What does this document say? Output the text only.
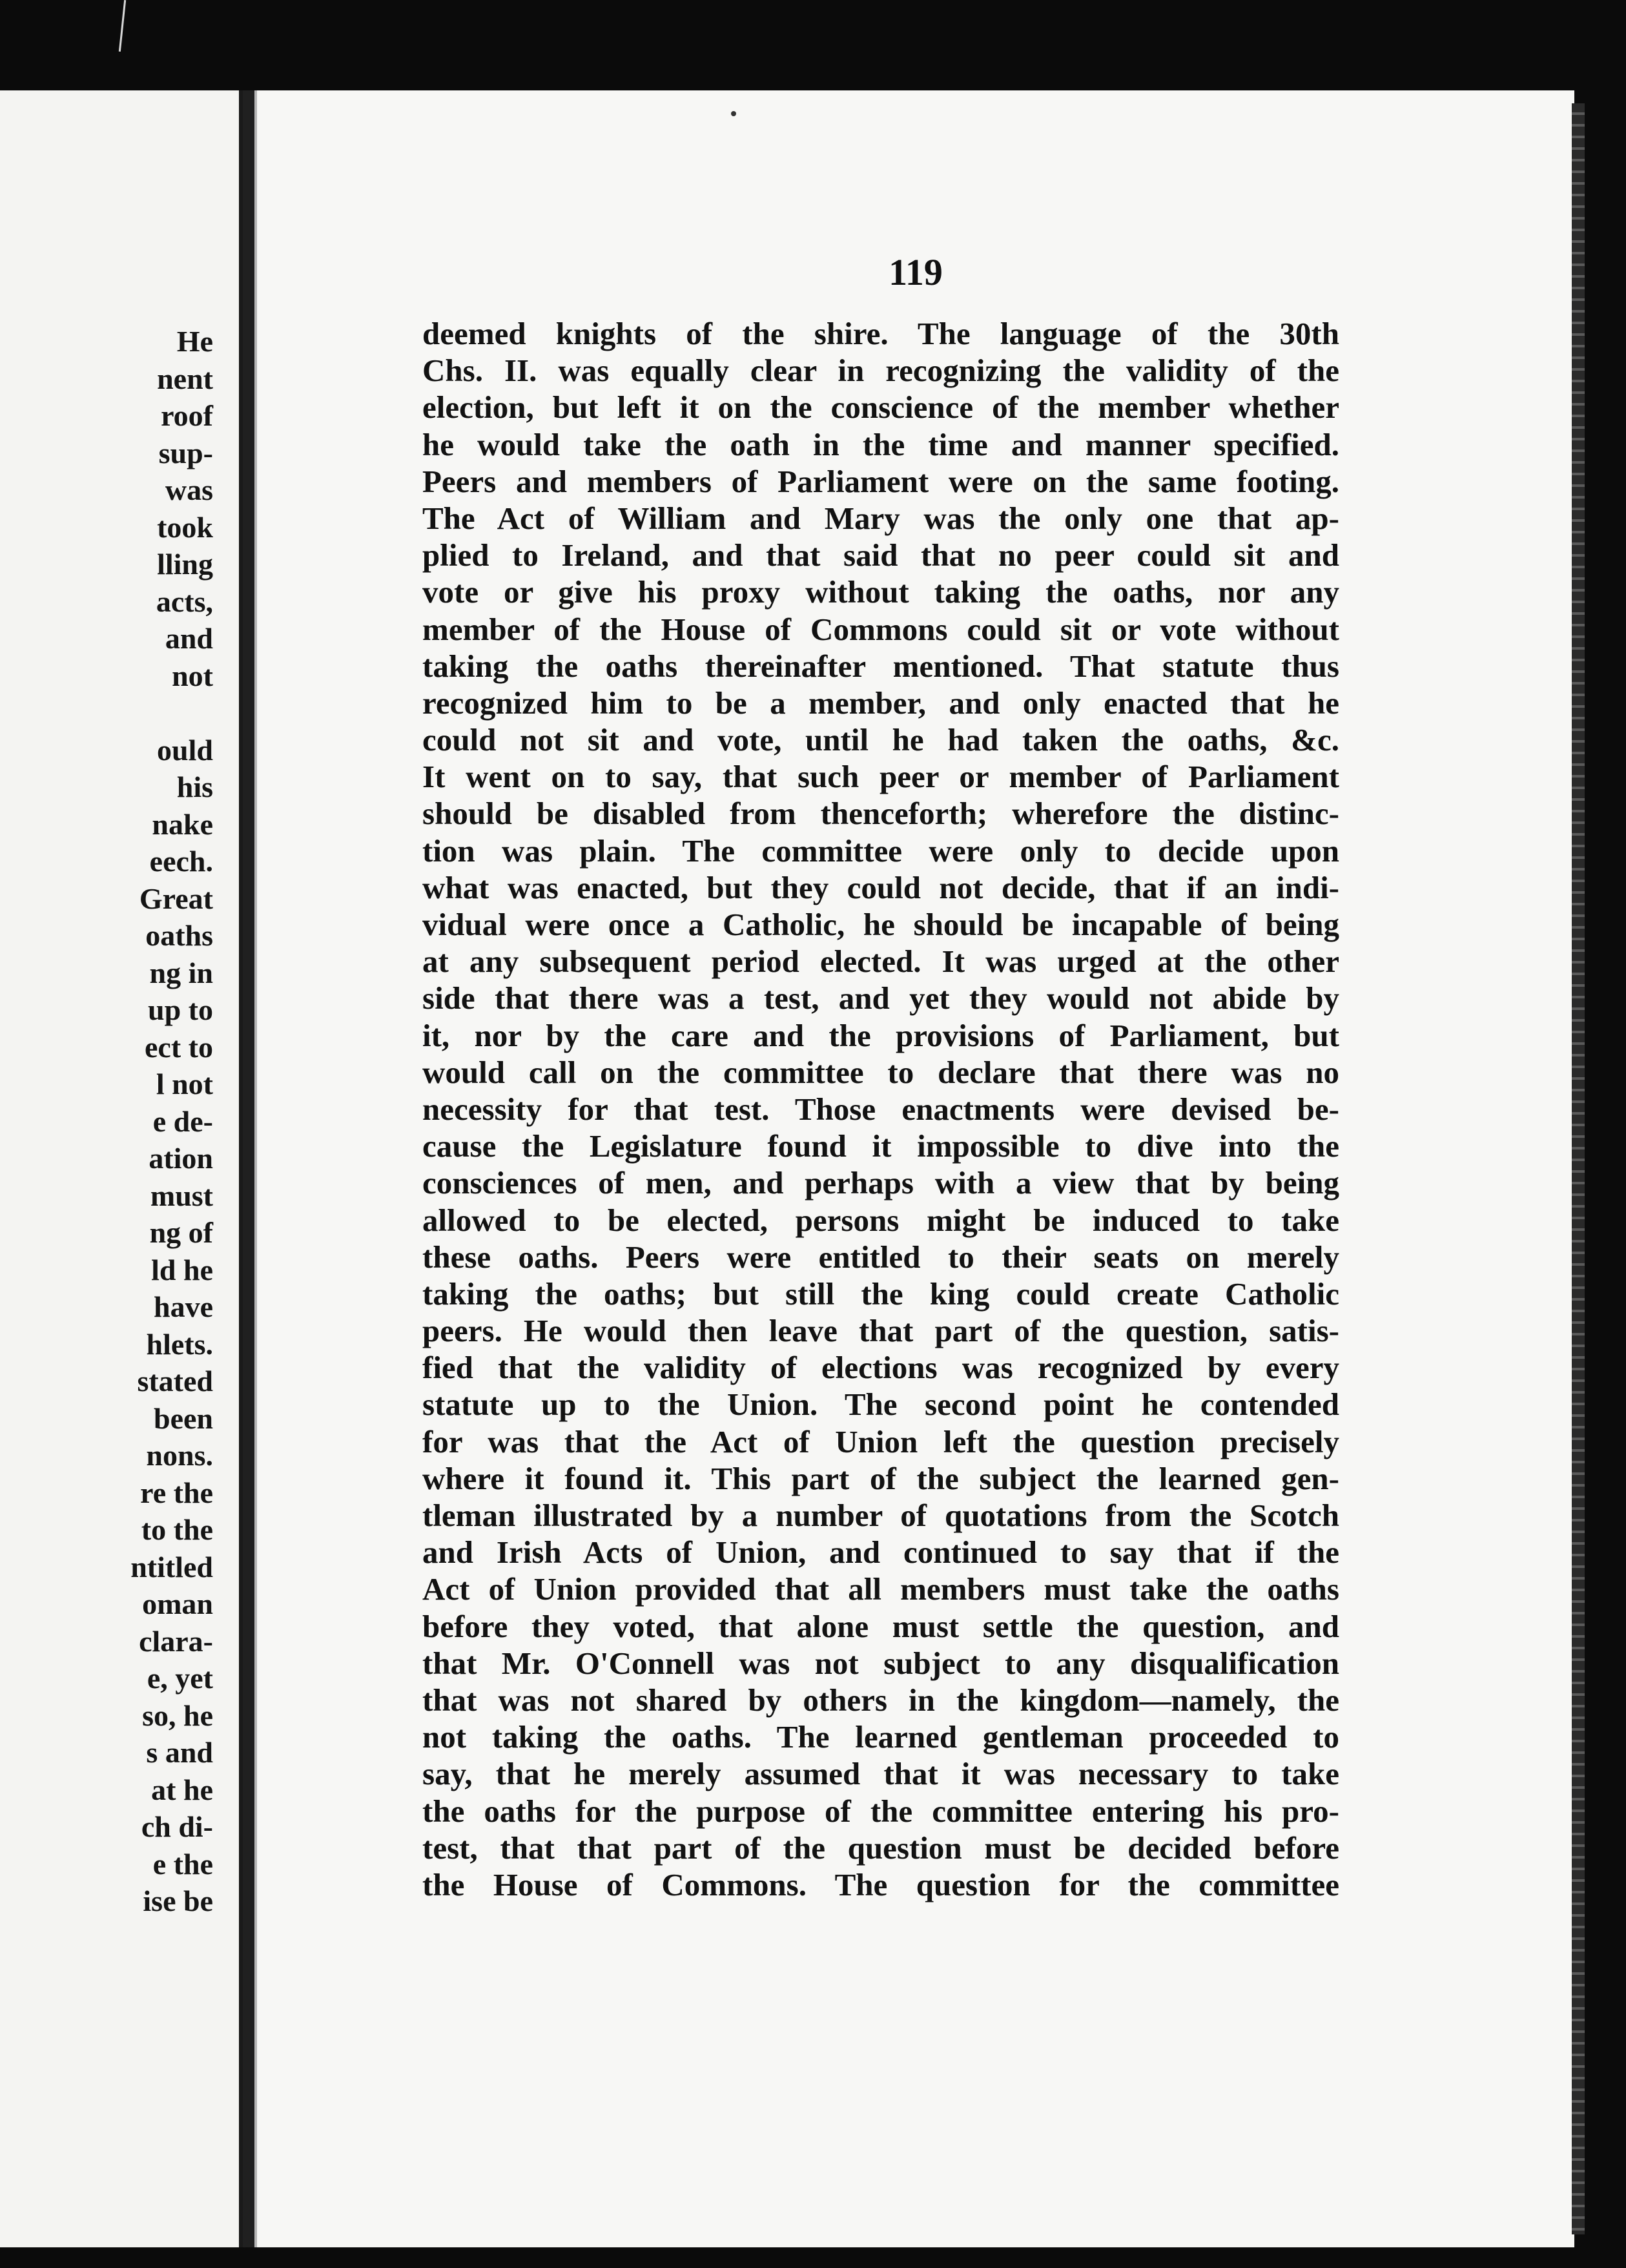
He
nent
roof
sup-
was
took
lling
acts,
and
not
ould
his
nake
eech.
Great
oaths
ng in
up to
ect to
l not
e de-
ation
must
ng of
ld he
have
hlets.
stated
been
nons.
re the
to the
ntitled
oman
clara-
e, yet
so, he
s and
at he
ch di-
e the
ise be

119

deemed knights of the shire. The language of the 30th
Chs. II. was equally clear in recognizing the validity of the
election, but left it on the conscience of the member whether
he would take the oath in the time and manner specified.
Peers and members of Parliament were on the same footing.
The Act of William and Mary was the only one that ap-
plied to Ireland, and that said that no peer could sit and
vote or give his proxy without taking the oaths, nor any
member of the House of Commons could sit or vote without
taking the oaths thereinafter mentioned. That statute thus
recognized him to be a member, and only enacted that he
could not sit and vote, until he had taken the oaths, &c.
It went on to say, that such peer or member of Parliament
should be disabled from thenceforth; wherefore the distinc-
tion was plain. The committee were only to decide upon
what was enacted, but they could not decide, that if an indi-
vidual were once a Catholic, he should be incapable of being
at any subsequent period elected. It was urged at the other
side that there was a test, and yet they would not abide by
it, nor by the care and the provisions of Parliament, but
would call on the committee to declare that there was no
necessity for that test. Those enactments were devised be-
cause the Legislature found it impossible to dive into the
consciences of men, and perhaps with a view that by being
allowed to be elected, persons might be induced to take
these oaths. Peers were entitled to their seats on merely
taking the oaths; but still the king could create Catholic
peers. He would then leave that part of the question, satis-
fied that the validity of elections was recognized by every
statute up to the Union. The second point he contended
for was that the Act of Union left the question precisely
where it found it. This part of the subject the learned gen-
tleman illustrated by a number of quotations from the Scotch
and Irish Acts of Union, and continued to say that if the
Act of Union provided that all members must take the oaths
before they voted, that alone must settle the question, and
that Mr. O'Connell was not subject to any disqualification
that was not shared by others in the kingdom—namely, the
not taking the oaths. The learned gentleman proceeded to
say, that he merely assumed that it was necessary to take
the oaths for the purpose of the committee entering his pro-
test, that that part of the question must be decided before
the House of Commons. The question for the committee
